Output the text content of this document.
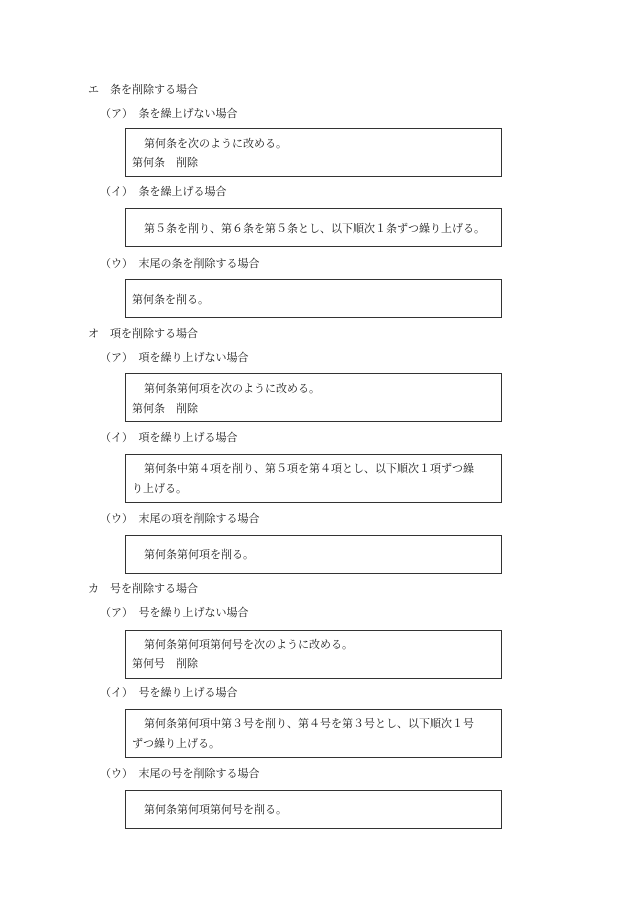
エ　条を削除する場合
（ア）　条を繰上げない場合
第何条を次のように改める。
第何条　削除
（イ）　条を繰上げる場合
第５条を削り、第６条を第５条とし、以下順次１条ずつ繰り上げる。
（ウ）　末尾の条を削除する場合
第何条を削る。
オ　項を削除する場合
（ア）　項を繰り上げない場合
第何条第何項を次のように改める。
第何条　削除
（イ）　項を繰り上げる場合
第何条中第４項を削り、第５項を第４項とし、以下順次１項ずつ繰
り上げる。
（ウ）　末尾の項を削除する場合
第何条第何項を削る。
カ　号を削除する場合
（ア）　号を繰り上げない場合
第何条第何項第何号を次のように改める。
第何号　削除
（イ）　号を繰り上げる場合
第何条第何項中第３号を削り、第４号を第３号とし、以下順次１号
ずつ繰り上げる。
（ウ）　末尾の号を削除する場合
第何条第何項第何号を削る。
